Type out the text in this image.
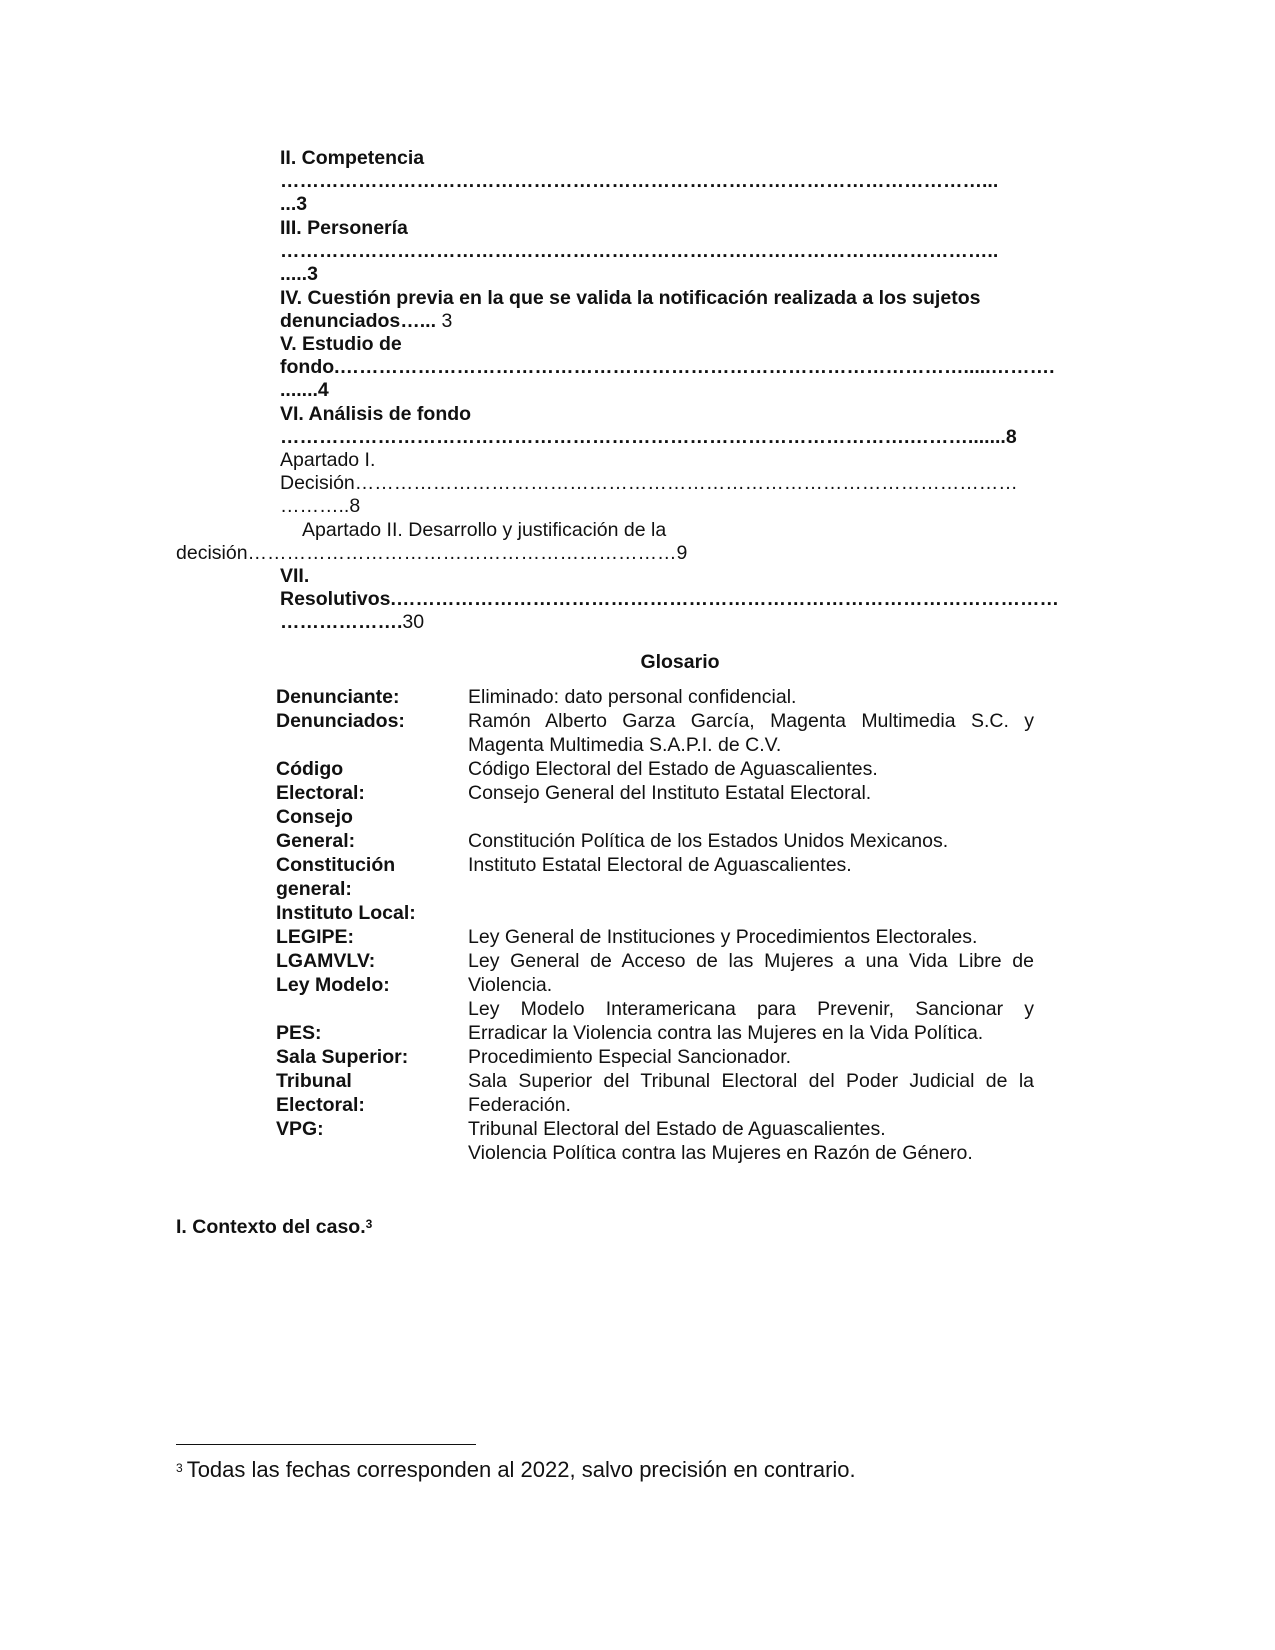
II. Competencia
………………………………………………………………………………………………...
...3
III. Personería
………………………………………………………………………………….……………..
.....3
IV. Cuestión previa en la que se valida la notificación realizada a los sujetos
denunciados…... 3
V. Estudio de
fondo.…………………………………………………………………………………….....……….
.......4
VI. Análisis de fondo
…………………………………………………………………………………….……….......8
Apartado I.
Decisión…………………………………………………………………………………………
………..8
Apartado II. Desarrollo y justificación de la
decisión…………………………………………………………9
VII.
Resolutivos.…………………………………………………………………………………………
……………….30
Glosario
Denunciante:
Denunciados:
Código
Electoral:
Consejo
General:
Constitución
general:
Instituto Local:
LEGIPE:
LGAMVLV:
Ley Modelo:
PES:
Sala Superior:
Tribunal
Electoral:
VPG:
Eliminado: dato personal confidencial.
Ramón Alberto Garza García, Magenta Multimedia S.C. y
Magenta Multimedia S.A.P.I. de C.V.
Código Electoral del Estado de Aguascalientes.
Consejo General del Instituto Estatal Electoral.
Constitución Política de los Estados Unidos Mexicanos.
Instituto Estatal Electoral de Aguascalientes.
Ley General de Instituciones y Procedimientos Electorales.
Ley General de Acceso de las Mujeres a una Vida Libre de
Violencia.
Ley Modelo Interamericana para Prevenir, Sancionar y
Erradicar la Violencia contra las Mujeres en la Vida Política.
Procedimiento Especial Sancionador.
Sala Superior del Tribunal Electoral del Poder Judicial de la
Federación.
Tribunal Electoral del Estado de Aguascalientes.
Violencia Política contra las Mujeres en Razón de Género.
I. Contexto del caso.$^3$
$^3$ Todas las fechas corresponden al 2022, salvo precisión en contrario.
